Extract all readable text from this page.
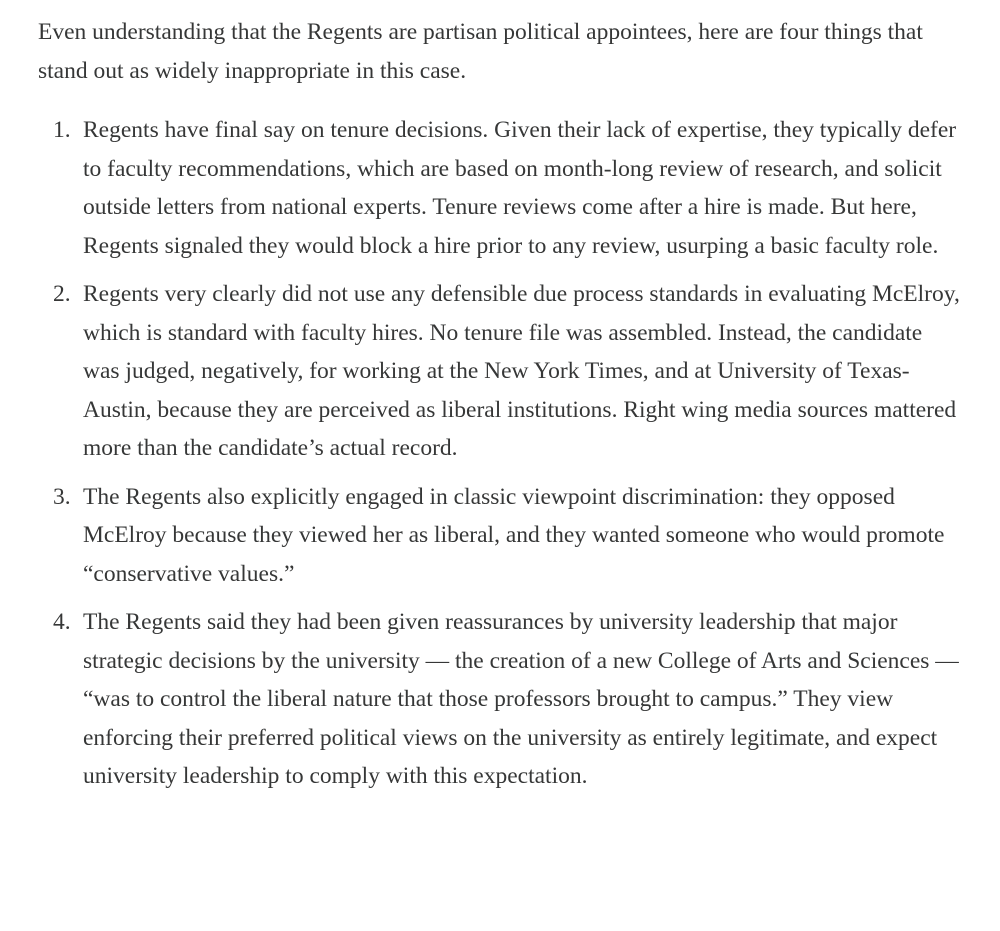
Even understanding that the Regents are partisan political appointees, here are four things that stand out as widely inappropriate in this case.

1. Regents have final say on tenure decisions. Given their lack of expertise, they typically defer to faculty recommendations, which are based on month-long review of research, and solicit outside letters from national experts. Tenure reviews come after a hire is made. But here, Regents signaled they would block a hire prior to any review, usurping a basic faculty role.
2. Regents very clearly did not use any defensible due process standards in evaluating McElroy, which is standard with faculty hires. No tenure file was assembled. Instead, the candidate was judged, negatively, for working at the New York Times, and at University of Texas-Austin, because they are perceived as liberal institutions. Right wing media sources mattered more than the candidate’s actual record.
3. The Regents also explicitly engaged in classic viewpoint discrimination: they opposed McElroy because they viewed her as liberal, and they wanted someone who would promote “conservative values.”
4. The Regents said they had been given reassurances by university leadership that major strategic decisions by the university — the creation of a new College of Arts and Sciences — “was to control the liberal nature that those professors brought to campus.” They view enforcing their preferred political views on the university as entirely legitimate, and expect university leadership to comply with this expectation.
